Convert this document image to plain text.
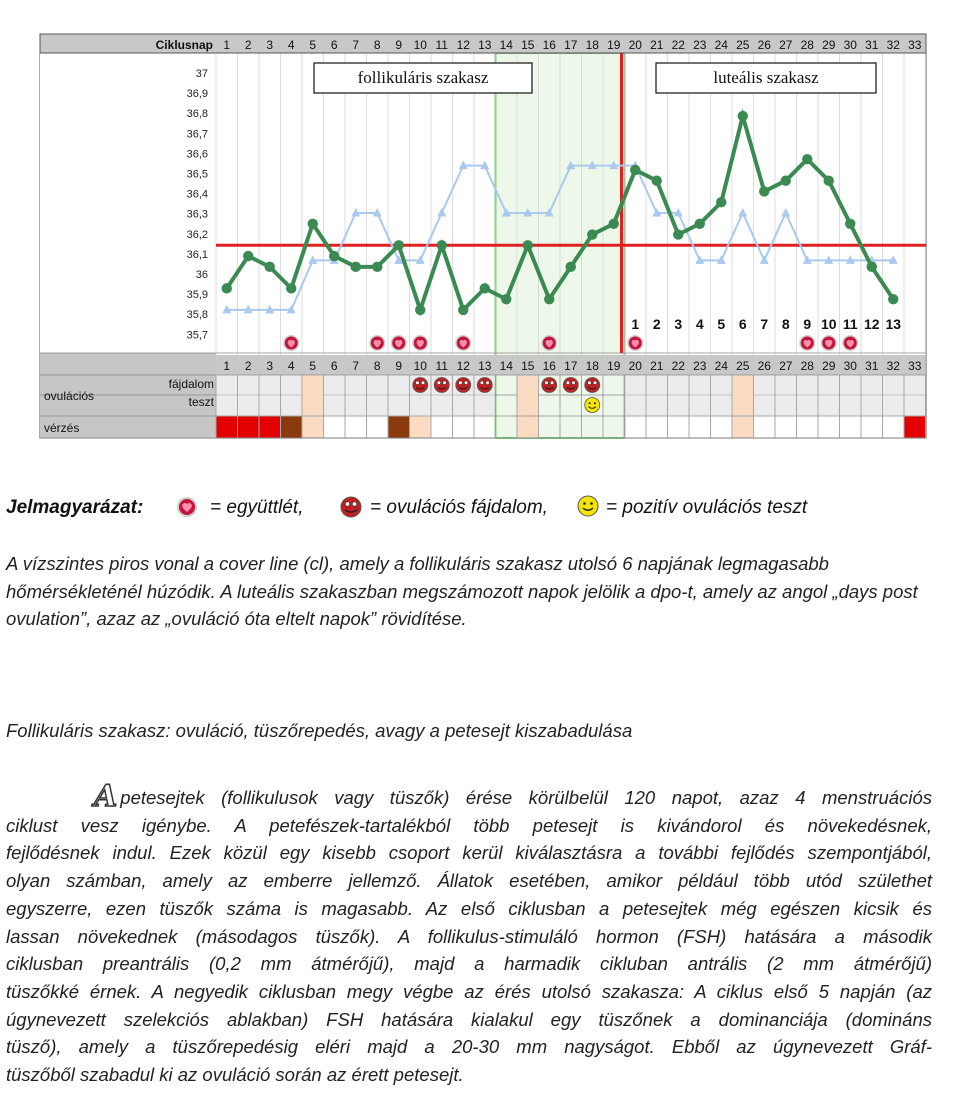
37
36,9
36,8
36,7
36,6
36,5
36,4
36,3
36,2
36,1
36
35,9
35,8
35,7
Ciklusnap 1 2 3 4 5 6 7 8 9 10 11 12 13 14 15 16 17 18 19 20 21 22 23 24 25 26 27 28 29 30 31 32 33
1 2 3 4 5 6 7 8 9 10 11 12 13 14 15 16 17 18 19 20 21 22 23 24 25 26 27 28 29 30 31 32 33
ovulációs
fájdalom
teszt
vérzés
1 2 3 4 5 6 7 8 9 10 11 12 13
follikuláris szakasz	luteális szakasz
Jelmagyarázat:	= együttlét,	= ovulációs fájdalom,	= pozitív ovulációs teszt
A vízszintes piros vonal a cover line (cl), amely a follikuláris szakasz utolsó 6 napjának legmagasabb hőmérsékleténél húzódik. A luteális szakaszban megszámozott napok jelölik a dpo-t, amely az angol „days post ovulation”, azaz az „ovuláció óta eltelt napok” rövidítése.
Follikuláris szakasz: ovuláció, tüszőrepedés, avagy a petesejt kiszabadulása
Apetesejtek (follikulusok vagy tüszők) érése körülbelül 120 napot, azaz 4 menstruációs
ciklust vesz igénybe. A petefészek-tartalékból több petesejt is kivándorol és növekedésnek,
fejlődésnek indul. Ezek közül egy kisebb csoport kerül kiválasztásra a további fejlődés szempontjából,
olyan számban, amely az emberre jellemző. Állatok esetében, amikor például több utód születhet
egyszerre, ezen tüszők száma is magasabb. Az első ciklusban a petesejtek még egészen kicsik és
lassan növekednek (másodagos tüszők). A follikulus-stimuláló hormon (FSH) hatására a második
ciklusban preantrális (0,2 mm átmérőjű), majd a harmadik cikluban antrális (2 mm átmérőjű)
tüszőkké érnek. A negyedik ciklusban megy végbe az érés utolsó szakasza: A ciklus első 5 napján (az
úgynevezett szelekciós ablakban) FSH hatására kialakul egy tüszőnek a dominanciája (domináns
tüsző), amely a tüszőrepedésig eléri majd a 20-30 mm nagyságot. Ebből az úgynevezett Gráf-
tüszőből szabadul ki az ovuláció során az érett petesejt.
